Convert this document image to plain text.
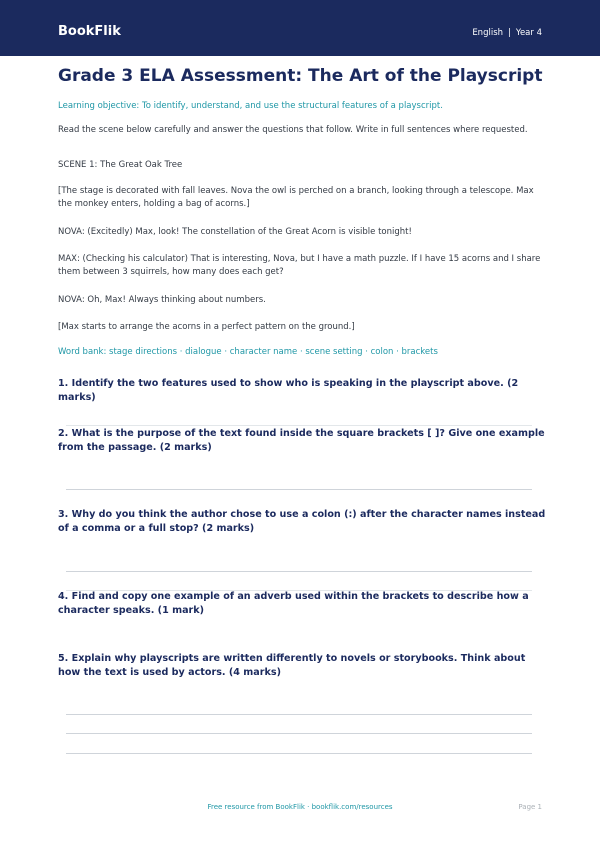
BookFlik	English | Year 4
Grade 3 ELA Assessment: The Art of the Playscript
Learning objective: To identify, understand, and use the structural features of a playscript.
Read the scene below carefully and answer the questions that follow. Write in full sentences where requested.
SCENE 1: The Great Oak Tree
[The stage is decorated with fall leaves. Nova the owl is perched on a branch, looking through a telescope. Max the monkey enters, holding a bag of acorns.]
NOVA: (Excitedly) Max, look! The constellation of the Great Acorn is visible tonight!
MAX: (Checking his calculator) That is interesting, Nova, but I have a math puzzle. If I have 15 acorns and I share them between 3 squirrels, how many does each get?
NOVA: Oh, Max! Always thinking about numbers.
[Max starts to arrange the acorns in a perfect pattern on the ground.]
Word bank: stage directions · dialogue · character name · scene setting · colon · brackets
1. Identify the two features used to show who is speaking in the playscript above. (2 marks)
2. What is the purpose of the text found inside the square brackets [ ]? Give one example from the passage. (2 marks)
3. Why do you think the author chose to use a colon (:) after the character names instead of a comma or a full stop? (2 marks)
4. Find and copy one example of an adverb used within the brackets to describe how a character speaks. (1 mark)
5. Explain why playscripts are written differently to novels or storybooks. Think about how the text is used by actors. (4 marks)
Free resource from BookFlik · bookflik.com/resources	Page 1
